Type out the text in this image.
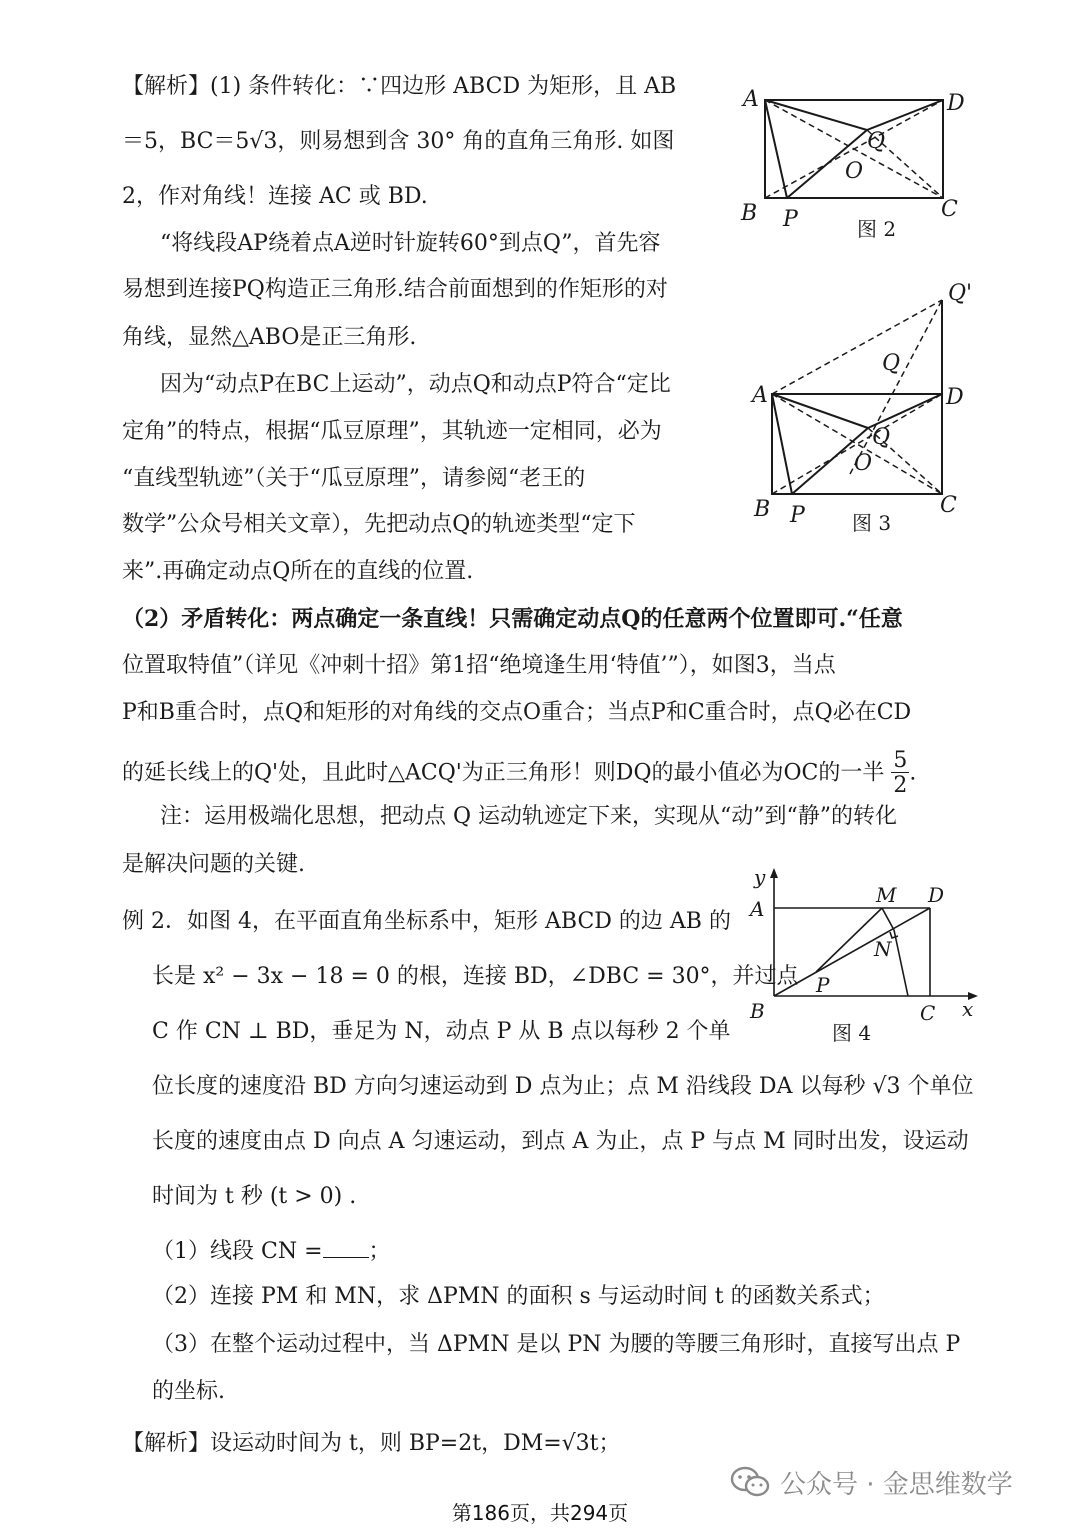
【解析】(1) 条件转化：∵四边形 ABCD 为矩形，且 AB
＝5，BC＝5√3，则易想到含 30° 角的直角三角形. 如图
2，作对角线！连接 AC 或 BD.
“将线段AP绕着点A逆时针旋转60°到点Q”，首先容
易想到连接PQ构造正三角形.结合前面想到的作矩形的对
角线，显然△ABO是正三角形.
因为“动点P在BC上运动”，动点Q和动点P符合“定比
定角”的特点，根据“瓜豆原理”，其轨迹一定相同，必为
“直线型轨迹”（关于“瓜豆原理”，请参阅“老王的
数学”公众号相关文章），先把动点Q的轨迹类型“定下
来”.再确定动点Q所在的直线的位置.
A	D
Q
O
B P	C
图 2
Q'
Q
A	D
Q
O
B P	C
图 3
（2）矛盾转化：两点确定一条直线！只需确定动点Q的任意两个位置即可.“任意
位置取特值”（详见《冲刺十招》第1招“绝境逢生用‘特值’”），如图3，当点
P和B重合时，点Q和矩形的对角线的交点O重合；当点P和C重合时，点Q必在CD
的延长线上的Q'处，且此时△ACQ'为正三角形！则DQ的最小值必为OC的一半 $\frac{5}{2}$ .
注：运用极端化思想，把动点 Q 运动轨迹定下来，实现从“动”到“静”的转化
是解决问题的关键.
例 2．如图 4，在平面直角坐标系中，矩形 ABCD 的边 AB 的
长是 x² − 3x − 18 = 0 的根，连接 BD，∠DBC = 30°，并过点
C 作 CN ⊥ BD，垂足为 N，动点 P 从 B 点以每秒 2 个单
位长度的速度沿 BD 方向匀速运动到 D 点为止；点 M 沿线段 DA 以每秒 √3 个单位
长度的速度由点 D 向点 A 匀速运动，到点 A 为止，点 P 与点 M 同时出发，设运动
时间为 t 秒 (t > 0) .
（1）线段 CN = ；
（2）连接 PM 和 MN，求 ΔPMN 的面积 s 与运动时间 t 的函数关系式；
（3）在整个运动过程中，当 ΔPMN 是以 PN 为腰的等腰三角形时，直接写出点 P
的坐标.
y
A
M D
N
P
B	C x
图 4
【解析】设运动时间为 t，则 BP=2t，DM=√3t；
公众号 · 金思维数学
第186页，共294页
